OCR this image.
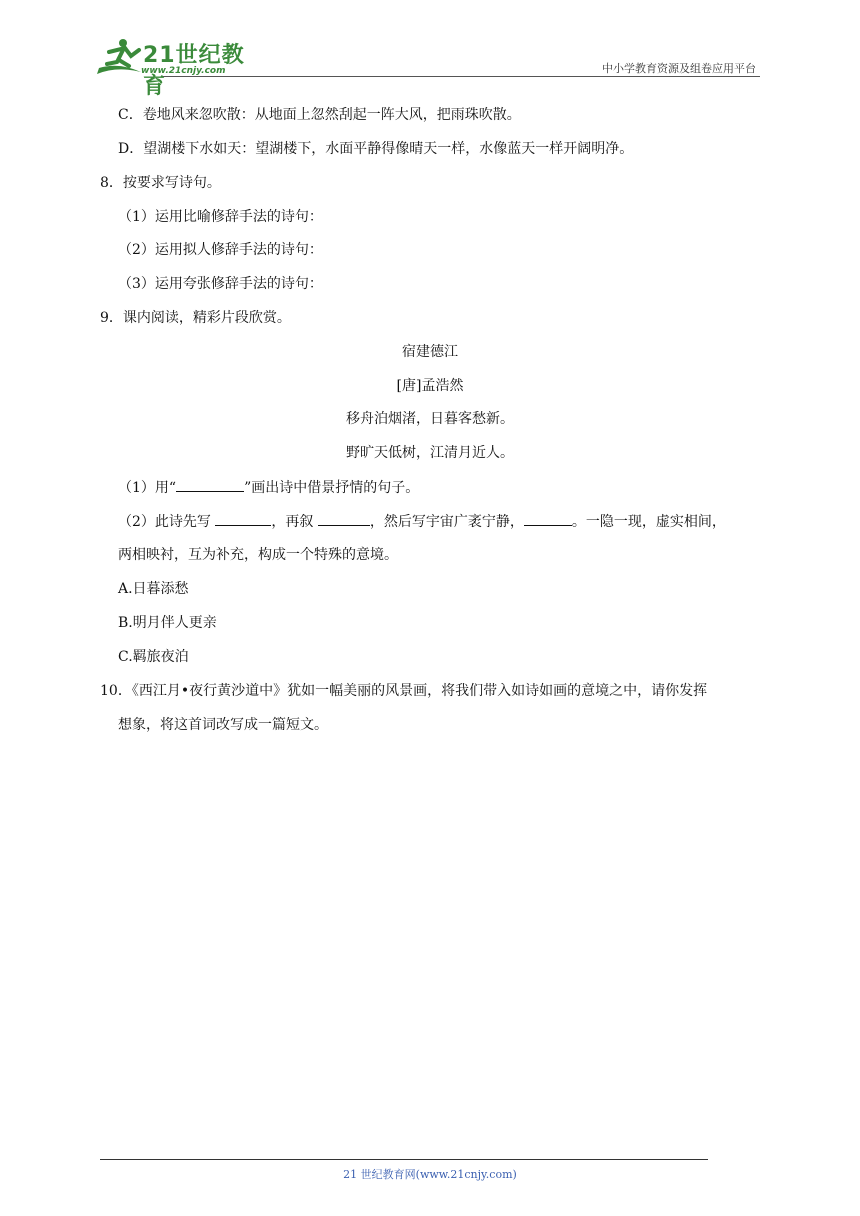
21世纪教育
www.21cnjy.com	中小学教育资源及组卷应用平台
C．卷地风来忽吹散：从地面上忽然刮起一阵大风，把雨珠吹散。
D．望湖楼下水如天：望湖楼下，水面平静得像晴天一样，水像蓝天一样开阔明净。
8．按要求写诗句。
（1）运用比喻修辞手法的诗句：
（2）运用拟人修辞手法的诗句：
（3）运用夸张修辞手法的诗句：
9．课内阅读，精彩片段欣赏。
宿建德江
[唐]孟浩然
移舟泊烟渚，日暮客愁新。
野旷天低树，江清月近人。
（1）用“	”画出诗中借景抒情的句子。
（2）此诗先写	，再叙	，然后写宇宙广袤宁静，	。一隐一现，虚实相间，
两相映衬，互为补充，构成一个特殊的意境。
A.日暮添愁
B.明月伴人更亲
C.羁旅夜泊
10．《西江月•夜行黄沙道中》犹如一幅美丽的风景画，将我们带入如诗如画的意境之中，请你发挥
想象，将这首词改写成一篇短文。
21 世纪教育网(www.21cnjy.com)
